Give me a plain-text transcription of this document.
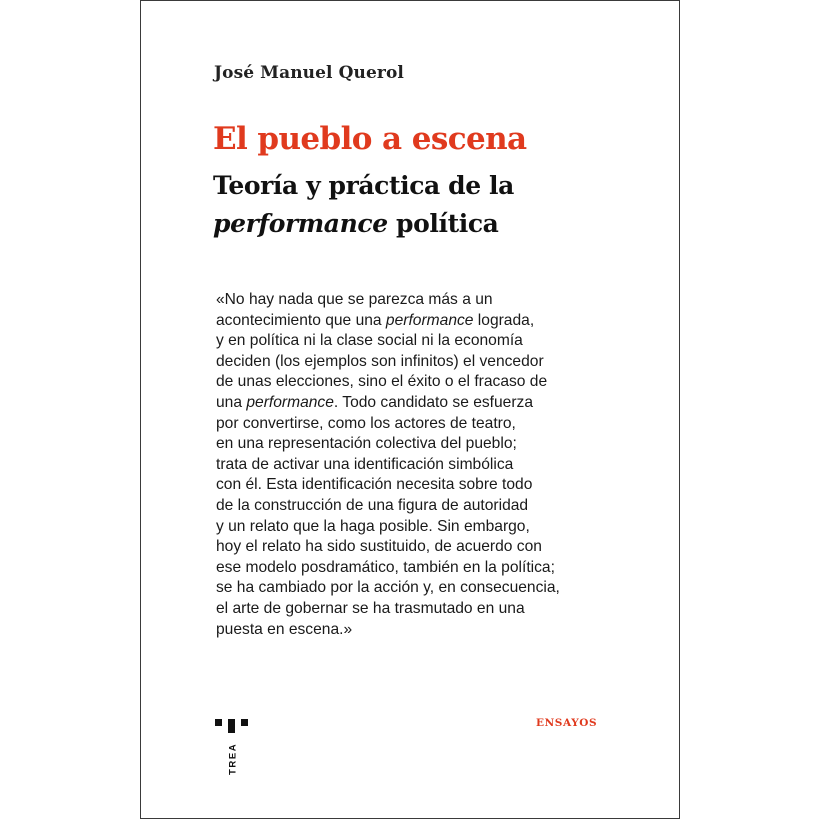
José Manuel Querol
El pueblo a escena
Teoría y práctica de la
performance política
«No hay nada que se parezca más a un
acontecimiento que una performance lograda,
y en política ni la clase social ni la economía
deciden (los ejemplos son infinitos) el vencedor
de unas elecciones, sino el éxito o el fracaso de
una performance. Todo candidato se esfuerza
por convertirse, como los actores de teatro,
en una representación colectiva del pueblo;
trata de activar una identificación simbólica
con él. Esta identificación necesita sobre todo
de la construcción de una figura de autoridad
y un relato que la haga posible. Sin embargo,
hoy el relato ha sido sustituido, de acuerdo con
ese modelo posdramático, también en la política;
se ha cambiado por la acción y, en consecuencia,
el arte de gobernar se ha trasmutado en una
puesta en escena.»
TREA
ENSAYOS
